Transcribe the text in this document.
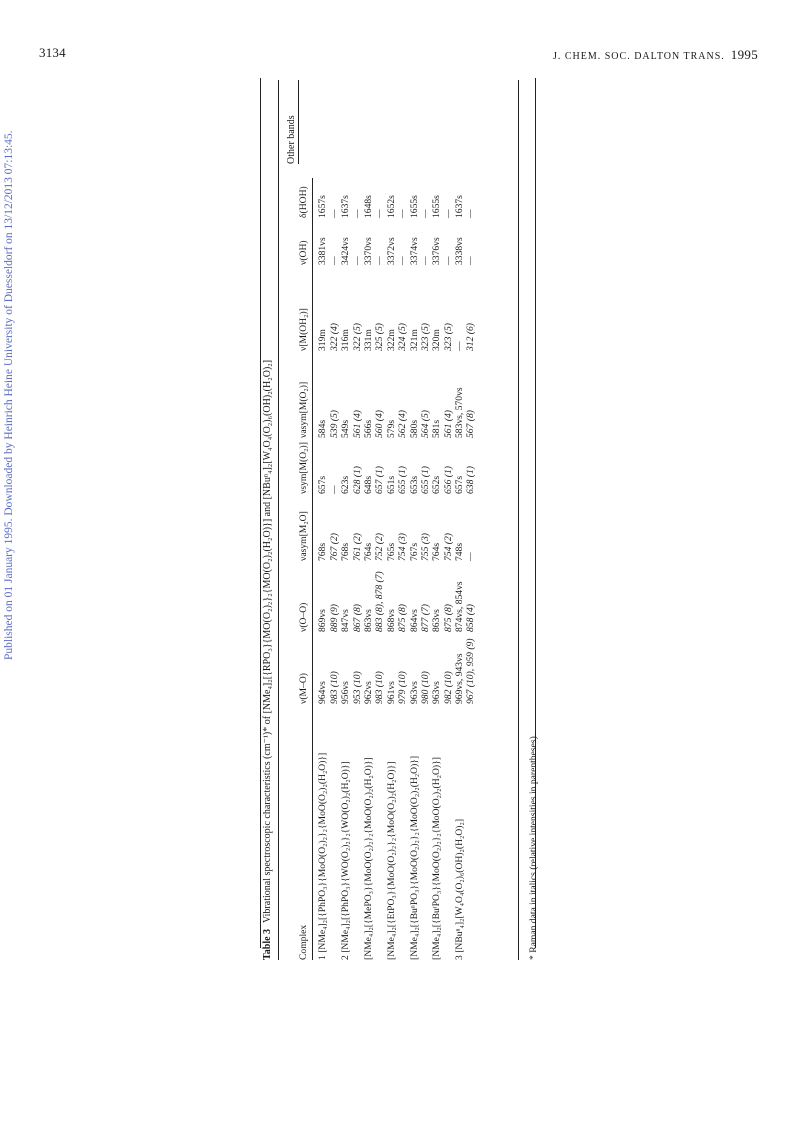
3134	J. CHEM. SOC. DALTON TRANS. 1995
Published on 01 January 1995. Downloaded by Heinrich Heine University of Duesseldorf on 13/12/2013 07:13:45.
Table 3Vibrational spectroscopic characteristics (cm⁻¹)* of [NMe₄]₂[{RPO₃}{MO(O₂)₂}₂{MO(O₂)₂(H₂O)}] and [NBuⁿ₄]₂[W₄O₄(O₂)₆(OH)₂(H₂O)₂]
Other bands
Complex	ν(M–O)	ν(O–O)	νasym[M₂O]	νsym[M(O₂)]	νasym[M(O₂)]	ν[M(OH₂)]	ν(OH)	δ(HOH)

1 [NMe₄]₂[{PhPO₃}{MoO(O₂)₂}₂{MoO(O₂)₂(H₂O)}]	964vs	869vs	768s	657s	584s	319m	3381vs	1657s
	983 (10)	889 (9)	767 (2)	—	539 (5)	322 (4)	—	—
2 [NMe₄]₂[{PhPO₃}{WO(O₂)₂}₂{WO(O₂)₂(H₂O)}]	956vs	847vs	768s	623s	549s	316m	3424vs	1637s
	953 (10)	867 (8)	761 (2)	628 (1)	561 (4)	322 (5)	—	—
[NMe₄]₂[{MePO₃}{MoO(O₂)₂}₂{MoO(O₂)₂(H₂O)}]	962vs	863vs	764s	648s	566s	331m	3370vs	1648s
	983 (10)	883 (8), 878 (7)	752 (2)	657 (1)	560 (4)	325 (5)	—	—
[NMe₄]₂[{EtPO₃}{MoO(O₂)₂}₂{MoO(O₂)₂(H₂O)}]	961vs	868vs	765s	651s	579s	322m	3372vs	1652s
	979 (10)	875 (8)	754 (3)	655 (1)	562 (4)	324 (5)	—	—
[NMe₄]₂[{BuⁿPO₃}{MoO(O₂)₂}₂{MoO(O₂)₂(H₂O)}]	963vs	864vs	767s	653s	580s	321m	3374vs	1655s
	980 (10)	877 (7)	755 (3)	655 (1)	564 (5)	323 (5)	—	—
[NMe₄]₂[{BuᵗPO₃}{MoO(O₂)₂}₂{MoO(O₂)₂(H₂O)}]	963vs	863vs	764s	652s	581s	320m	3376vs	1655s
	982 (10)	875 (8)	754 (2)	656 (1)	561 (4)	323 (5)	—	—
3 [NBuⁿ₄]₂[W₄O₄(O₂)₆(OH)₂(H₂O)₂]	969vs, 943vs	874vs, 854vs	748s	657s	583vs, 570vs	—	3338vs	1637s
	967 (10), 959 (9)	858 (4)	—	638 (1)	567 (8)	312 (6)	—	—
* Raman data in italics (relative intensities in parentheses).
